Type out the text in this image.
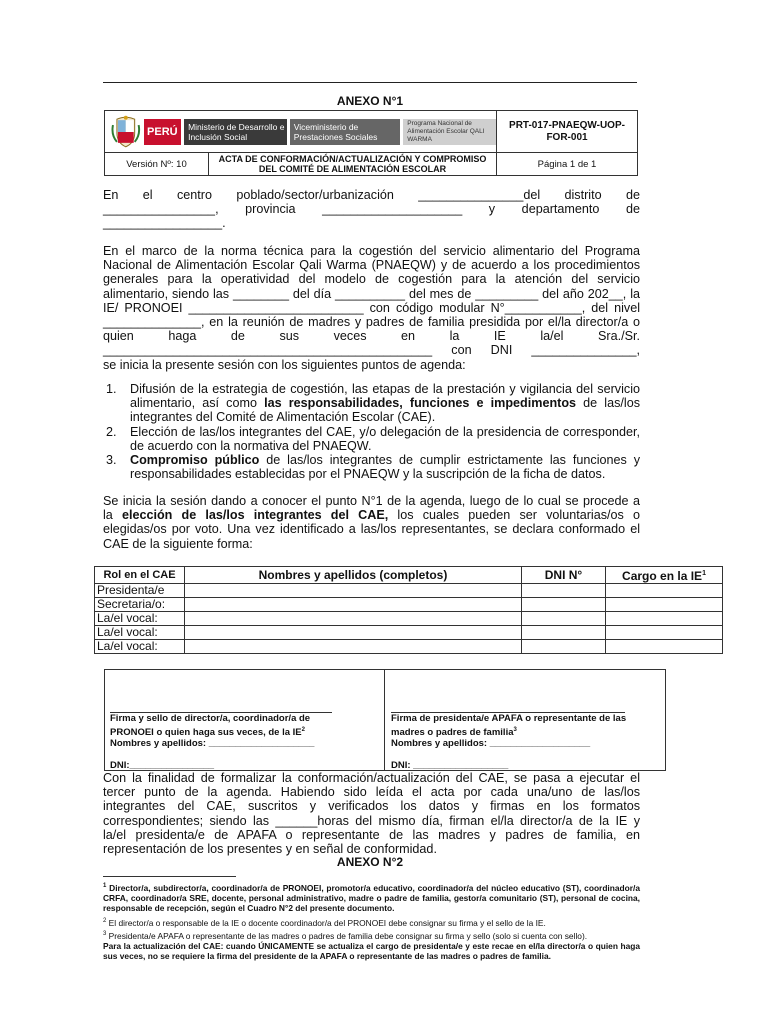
ANEXO N°1
PERÚ Ministerio de Desarrollo e Inclusión Social
Viceministerio de Prestaciones Sociales
Programa Nacional de Alimentación Escolar QALI WARMA		PRT-017-PNAEQW-UOP-FOR-001
Versión Nº: 10	ACTA DE CONFORMACIÓN/ACTUALIZACIÓN Y COMPROMISO DEL COMITÉ DE ALIMENTACIÓN ESCOLAR	Página 1 de 1
En el centro poblado/sector/urbanización _______________del distrito de
________________, provincia ____________________ y departamento de
_________________.
En el marco de la norma técnica para la cogestión del servicio alimentario del Programa
Nacional de Alimentación Escolar Qali Warma (PNAEQW) y de acuerdo a los procedimientos
generales para la operatividad del modelo de cogestión para la atención del servicio
alimentario, siendo las ________ del día __________ del mes de _________ del año 202__, la
IE/ PRONOEI _________________________ con código modular N°___________, del nivel
______________, en la reunión de madres y padres de familia presidida por el/la director/a o
quien haga de sus veces en la IE la/el Sra./Sr.
_______________________________________________ con DNI _______________,
se inicia la presente sesión con los siguientes puntos de agenda:
1.	Difusión de la estrategia de cogestión, las etapas de la prestación y vigilancia del servicio alimentario, así como las responsabilidades, funciones e impedimentos de las/los integrantes del Comité de Alimentación Escolar (CAE).
2.	Elección de las/los integrantes del CAE, y/o delegación de la presidencia de corresponder, de acuerdo con la normativa del PNAEQW.
3.	Compromiso público de las/los integrantes de cumplir estrictamente las funciones y responsabilidades establecidas por el PNAEQW y la suscripción de la ficha de datos.
Se inicia la sesión dando a conocer el punto N°1 de la agenda, luego de lo cual se procede a
la elección de las/los integrantes del CAE, los cuales pueden ser voluntarias/os o
elegidas/os por voto. Una vez identificado a las/los representantes, se declara conformado el
CAE de la siguiente forma:
Rol en el CAE	Nombres y apellidos (completos)	DNI N°	Cargo en la $IE^1$
Presidenta/e			
Secretaria/o:			
La/el vocal:			
La/el vocal:			
La/el vocal:			
Firma y sello de director/a, coordinador/a de
PRONOEI o quien haga sus veces, de la $IE^2$
Nombres y apellidos: ____________________
DNI:________________
Firma de presidenta/e APAFA o representante de las
madres o padres de familia$^3$
Nombres y apellidos: ___________________
DNI: __________________
Con la finalidad de formalizar la conformación/actualización del CAE, se pasa a ejecutar el
tercer punto de la agenda. Habiendo sido leída el acta por cada una/uno de las/los
integrantes del CAE, suscritos y verificados los datos y firmas en los formatos
correspondientes; siendo las ______horas del mismo día, firman el/la director/a de la IE y
la/el presidenta/e de APAFA o representante de las madres y padres de familia, en
representación de los presentes y en señal de conformidad.
ANEXO N°2
$^1$ Director/a, subdirector/a, coordinador/a de PRONOEI, promotor/a educativo, coordinador/a del núcleo educativo (ST), coordinador/a CRFA, coordinador/a SRE, docente, personal administrativo, madre o padre de familia, gestor/a comunitario (ST), personal de cocina, responsable de recepción, según el Cuadro N°2 del presente documento.
$^2$ El director/a o responsable de la IE o docente coordinador/a del PRONOEI debe consignar su firma y el sello de la IE.
$^3$ Presidenta/e APAFA o representante de las madres o padres de familia debe consignar su firma y sello (solo si cuenta con sello).
Para la actualización del CAE: cuando ÚNICAMENTE se actualiza el cargo de presidenta/e y este recae en el/la director/a o quien haga sus veces, no se requiere la firma del presidente de la APAFA o representante de las madres o padres de familia.
